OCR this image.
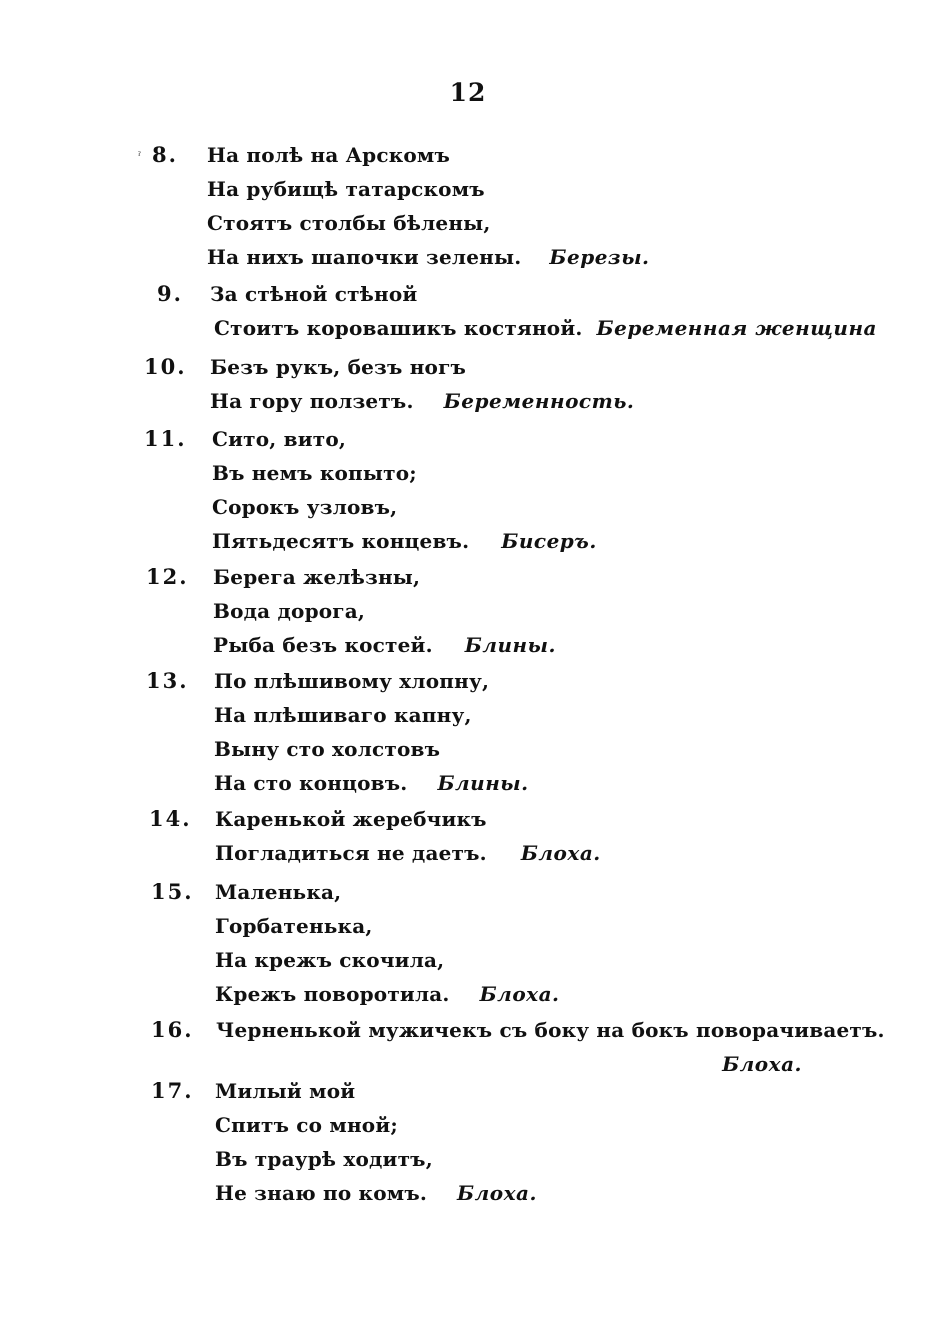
12
ˀ 8. На полѣ на Арскомъ
На рубищѣ татарскомъ
Стоятъ столбы бѣлены,
На нихъ шапочки зелены. Березы.
9. За стѣной стѣной
Стоитъ коровашикъ костяной. Беременная женщина
10. Безъ рукъ, безъ ногъ
На гору ползетъ. Беременность.
11. Сито, вито,
Въ немъ копыто;
Сорокъ узловъ,
Пятьдесятъ концевъ. Бисеръ.
12. Берега желѣзны,
Вода дорога,
Рыба безъ костей. Блины.
13. По плѣшивому хлопну,
На плѣшиваго капну,
Выну сто холстовъ
На сто концовъ. Блины.
14. Каренькой жеребчикъ
Погладиться не даетъ. Блоха.
15. Маленька,
Горбатенька,
На крежъ скочила,
Крежъ поворотила. Блоха.
16. Черненькой мужичекъ съ боку на бокъ поворачиваетъ.
Блоха.
17. Милый мой
Спитъ со мной;
Въ трaурѣ ходитъ,
Не знаю по комъ. Блоха.
